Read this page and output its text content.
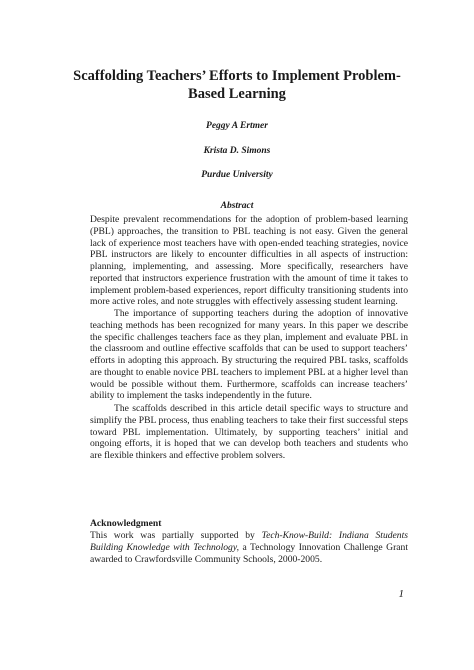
Scaffolding Teachers’ Efforts to Implement Problem-Based Learning
Peggy A Ertmer
Krista D. Simons
Purdue University
Abstract
Despite prevalent recommendations for the adoption of problem-based learning (PBL) approaches, the transition to PBL teaching is not easy. Given the general lack of experience most teachers have with open-ended teaching strategies, novice PBL instructors are likely to encounter difficulties in all aspects of instruction: planning, implementing, and assessing. More specifically, researchers have reported that instructors experience frustration with the amount of time it takes to implement problem-based experiences, report difficulty transitioning students into more active roles, and note struggles with effectively assessing student learning.
The importance of supporting teachers during the adoption of innovative teaching methods has been recognized for many years. In this paper we describe the specific challenges teachers face as they plan, implement and evaluate PBL in the classroom and outline effective scaffolds that can be used to support teachers’ efforts in adopting this approach. By structuring the required PBL tasks, scaffolds are thought to enable novice PBL teachers to implement PBL at a higher level than would be possible without them. Furthermore, scaffolds can increase teachers’ ability to implement the tasks independently in the future.
The scaffolds described in this article detail specific ways to structure and simplify the PBL process, thus enabling teachers to take their first successful steps toward PBL implementation. Ultimately, by supporting teachers’ initial and ongoing efforts, it is hoped that we can develop both teachers and students who are flexible thinkers and effective problem solvers.
Acknowledgment
This work was partially supported by Tech-Know-Build: Indiana Students Building Knowledge with Technology, a Technology Innovation Challenge Grant awarded to Crawfordsville Community Schools, 2000-2005.
1
